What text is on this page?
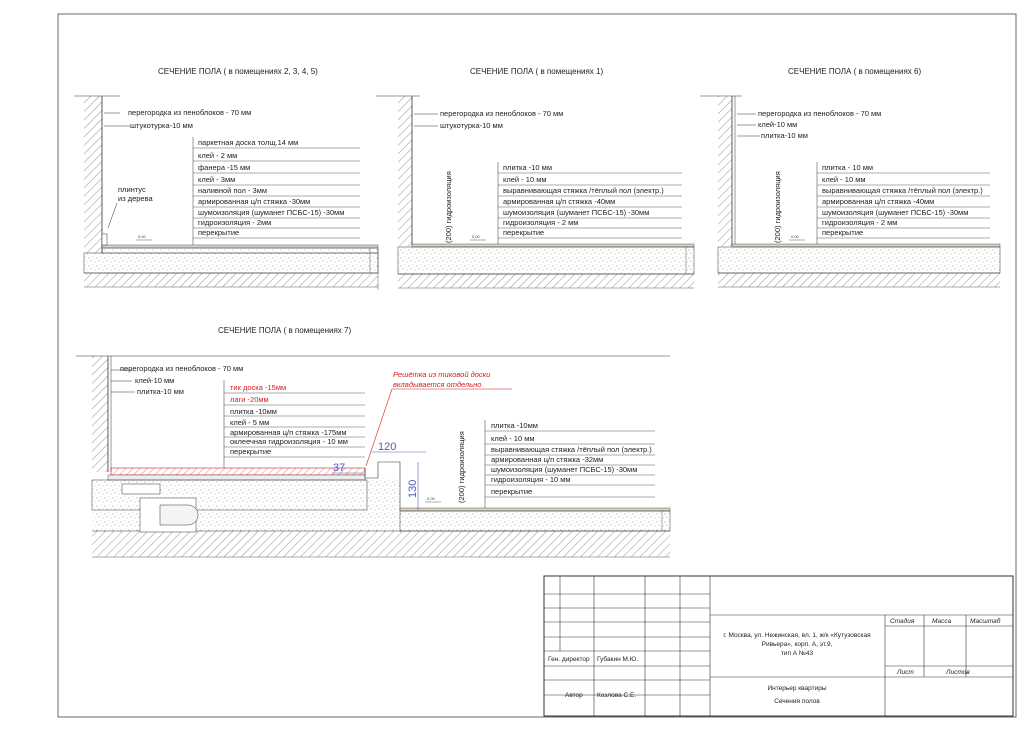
СЕЧЕНИЕ ПОЛА ( в помещениях 2, 3, 4, 5)
перегородка из пеноблоков - 70 мм
штукотурка-10 мм
паркетная доска толщ.14 мм
клей - 2 мм
фанера -15 мм
клей - 3мм
наливной пол - 3мм
армированная ц/п стяжка -30мм
шумоизоляция (шуманет ПСБС-15) -30мм
гидроизоляция - 2мм
перекрытие
плинтус
из дерева
0,00
СЕЧЕНИЕ ПОЛА ( в помещениях 1)
перегородка из пеноблоков - 70 мм
штукотурка-10 мм
(200) гидроизоляция
плитка -10 мм
клей - 10 мм
выравнивающая стяжка /тёплый пол (электр.)
армированная ц/п стяжка -40мм
шумоизоляция (шуманет ПСБС-15) -30мм
гидроизоляция - 2 мм
перекрытие
0,00
СЕЧЕНИЕ ПОЛА ( в помещениях 6)
перегородка из пеноблоков - 70 мм
клей-10 мм
плитка-10 мм
(200) гидроизоляция
плитка - 10 мм
клей - 10 мм
выравнивающая стяжка /тёплый пол (электр.)
армированная ц/п стяжка -40мм
шумоизоляция (шуманет ПСБС-15) -30мм
гидроизоляция - 2 мм
перекрытие
0,00
СЕЧЕНИЕ ПОЛА ( в помещениях 7)
перегородка из пеноблоков - 70 мм
клей-10 мм
плитка-10 мм	тик доска -15мм
лаги -20мм
плитка -10мм
клей - 5 мм
армированная ц/п стяжка -175мм
оклеечная гидроизоляция - 10 мм
перекрытие
Решётка из тиковой доски
вкладывается отдельно
120
37
130	(200) гидроизоляция
плитка -10мм
клей - 10 мм
выравнивающая стяжка /тёплый пол (электр.)
армированная ц/п стяжка -32мм
шумоизоляция (шуманет ПСБС-15) -30мм
гидроизоляция - 10 мм
перекрытие
0,00
г. Москва, ул. Нежинская, вл. 1, ж/к «Кутузовская
Ривьера», корп. А, эт.9,
тип А №43
Ген. директор Губакин М.Ю.
Автор Козлова С.Е.
Стадия	Масса	Масштаб
Лист	Листов
Интерьер квартиры
Сечения полов
